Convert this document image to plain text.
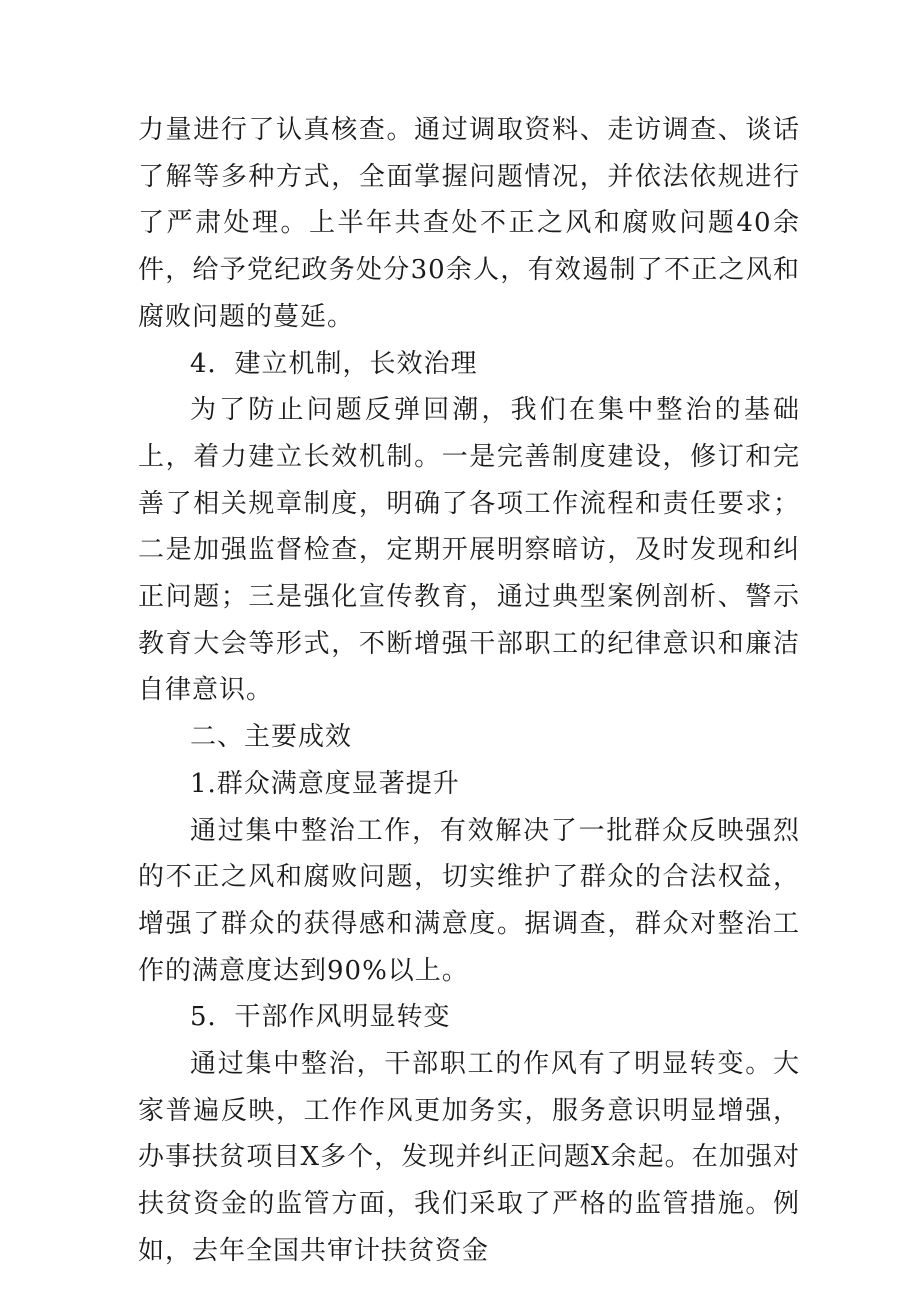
力量进行了认真核查。通过调取资料、走访调查、谈话了解等多种方式，全面掌握问题情况，并依法依规进行了严肃处理。上半年共查处不正之风和腐败问题40余件，给予党纪政务处分30余人，有效遏制了不正之风和腐败问题的蔓延。

4．建立机制，长效治理

为了防止问题反弹回潮，我们在集中整治的基础上，着力建立长效机制。一是完善制度建设，修订和完善了相关规章制度，明确了各项工作流程和责任要求；二是加强监督检查，定期开展明察暗访，及时发现和纠正问题；三是强化宣传教育，通过典型案例剖析、警示教育大会等形式，不断增强干部职工的纪律意识和廉洁自律意识。

二、主要成效

1.群众满意度显著提升

通过集中整治工作，有效解决了一批群众反映强烈的不正之风和腐败问题，切实维护了群众的合法权益，增强了群众的获得感和满意度。据调查，群众对整治工作的满意度达到90%以上。

5．干部作风明显转变

通过集中整治，干部职工的作风有了明显转变。大家普遍反映，工作作风更加务实，服务意识明显增强，办事扶贫项目X多个，发现并纠正问题X余起。在加强对扶贫资金的监管方面，我们采取了严格的监管措施。例如，去年全国共审计扶贫资金
